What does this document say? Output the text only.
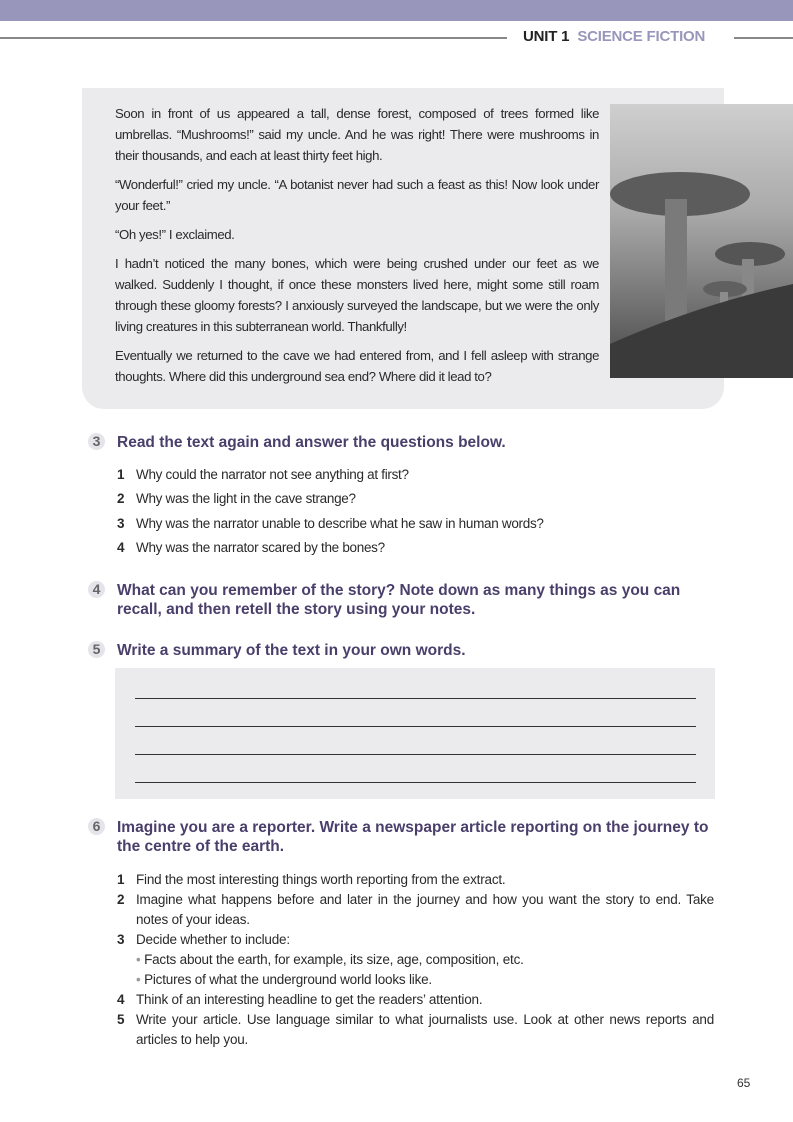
UNIT 1 SCIENCE FICTION

Soon in front of us appeared a tall, dense forest, composed of trees formed like umbrellas. “Mushrooms!” said my uncle. And he was right! There were mushrooms in their thousands, and each at least thirty feet high.

“Wonderful!” cried my uncle. “A botanist never had such a feast as this! Now look under your feet.”

“Oh yes!” I exclaimed.

I hadn’t noticed the many bones, which were being crushed under our feet as we walked. Suddenly I thought, if once these monsters lived here, might some still roam through these gloomy forests? I anxiously surveyed the landscape, but we were the only living creatures in this subterranean world. Thankfully!

Eventually we returned to the cave we had entered from, and I fell asleep with strange thoughts. Where did this underground sea end? Where did it lead to?

3 Read the text again and answer the questions below.
1 Why could the narrator not see anything at first?
2 Why was the light in the cave strange?
3 Why was the narrator unable to describe what he saw in human words?
4 Why was the narrator scared by the bones?
4 What can you remember of the story? Note down as many things as you can recall, and then retell the story using your notes.
5 Write a summary of the text in your own words.
6 Imagine you are a reporter. Write a newspaper article reporting on the journey to the centre of the earth.
1 Find the most interesting things worth reporting from the extract.
2 Imagine what happens before and later in the journey and how you want the story to end. Take notes of your ideas.
3 Decide whether to include:
• Facts about the earth, for example, its size, age, composition, etc.
• Pictures of what the underground world looks like.
4 Think of an interesting headline to get the readers’ attention.
5 Write your article. Use language similar to what journalists use. Look at other news reports and articles to help you.
65
